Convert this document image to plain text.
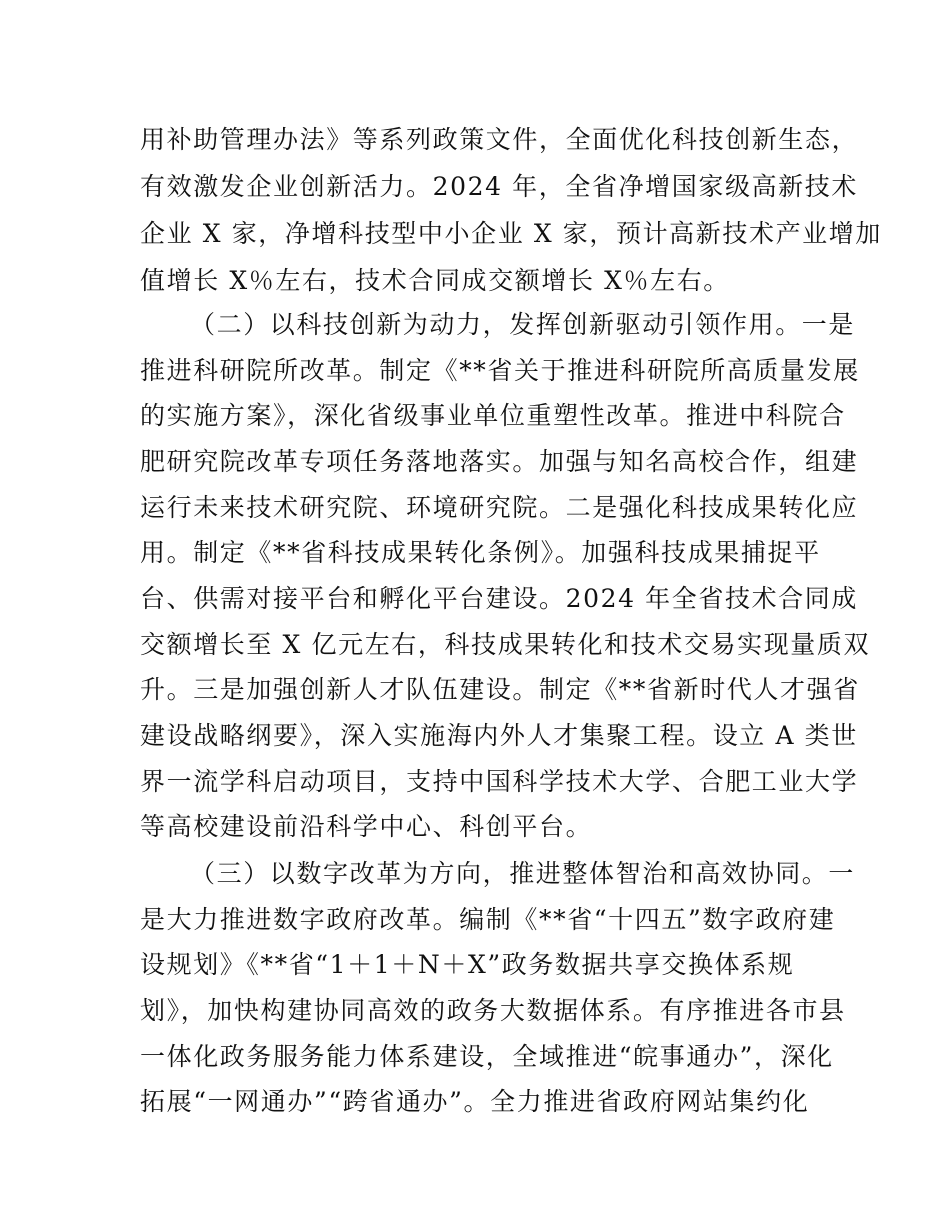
用补助管理办法》等系列政策文件，全面优化科技创新生态，
有效激发企业创新活力。2024 年，全省净增国家级高新技术
企业 X 家，净增科技型中小企业 X 家，预计高新技术产业增加
值增长 X％左右，技术合同成交额增长 X％左右。
（二）以科技创新为动力，发挥创新驱动引领作用。一是
推进科研院所改革。制定《**省关于推进科研院所高质量发展
的实施方案》，深化省级事业单位重塑性改革。推进中科院合
肥研究院改革专项任务落地落实。加强与知名高校合作，组建
运行未来技术研究院、环境研究院。二是强化科技成果转化应
用。制定《**省科技成果转化条例》。加强科技成果捕捉平
台、供需对接平台和孵化平台建设。2024 年全省技术合同成
交额增长至 X 亿元左右，科技成果转化和技术交易实现量质双
升。三是加强创新人才队伍建设。制定《**省新时代人才强省
建设战略纲要》，深入实施海内外人才集聚工程。设立 A 类世
界一流学科启动项目，支持中国科学技术大学、合肥工业大学
等高校建设前沿科学中心、科创平台。
（三）以数字改革为方向，推进整体智治和高效协同。一
是大力推进数字政府改革。编制《**省“十四五”数字政府建
设规划》《**省“1＋1＋N＋X”政务数据共享交换体系规
划》，加快构建协同高效的政务大数据体系。有序推进各市县
一体化政务服务能力体系建设，全域推进“皖事通办”，深化
拓展“一网通办”“跨省通办”。全力推进省政府网站集约化
